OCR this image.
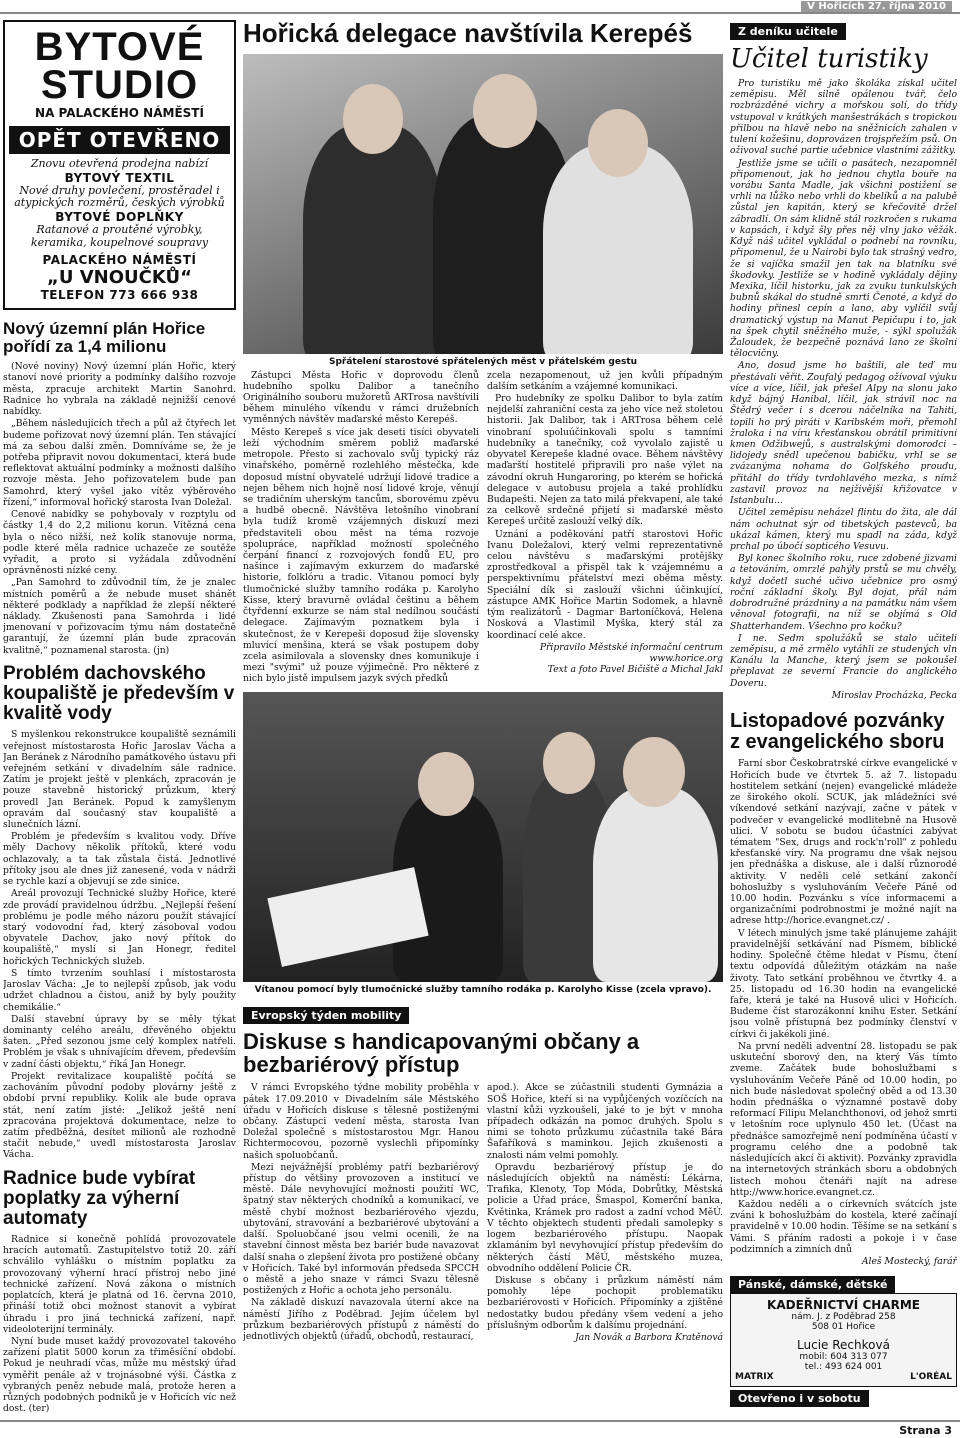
V Hořicích 27. října 2010
BYTOVÉ
STUDIO
NA PALACKÉHO NÁMĚSTÍ
OPĚT OTEVŘENO
Znovu otevřená prodejna nabízí
BYTOVÝ TEXTIL
Nové druhy povlečení, prostěradel i atypických rozměrů, českých výrobků
BYTOVÉ DOPLŇKY
Ratanové a proutěné výrobky, keramika, koupelnové soupravy
PALACKÉHO NÁMĚSTÍ
„U VNOUČKŮ“
TELEFON 773 666 938
Nový územní plán Hořice pořídí za 1,4 milionu

(Nové noviny) Nový územní plán Hořic, který stanoví nové priority a podmínky dalšího rozvoje města, zpracuje architekt Martin Sanohrd. Radnice ho vybrala na základě nejnižší cenové nabídky.

„Během následujících třech a půl až čtyřech let budeme pořizovat nový územní plán. Ten stávající má za sebou další změn. Domníváme se, že je potřeba připravit novou dokumentaci, která bude reflektovat aktuální podmínky a možnosti dalšího rozvoje města. Jeho pořizovatelem bude pan Samohrd, který vyšel jako vítěz výběrového řízení,“ informoval hořický starosta Ivan Doležal.

Cenové nabídky se pohybovaly v rozptylu od částky 1,4 do 2,2 milionu korun. Vítězná cena byla o něco nižší, než kolik stanovuje norma, podle které měla radnice uchazeče ze soutěže vyřadit, a proto si vyžádala zdůvodnění oprávněnosti nízké ceny.

„Pan Samohrd to zdůvodnil tím, že je znalec místních poměrů a že nebude muset shánět některé podklady a například že zlepší některé náklady. Zkušenosti pana Samohrda i lidé jmenovaní v pořizovacím týmu nám dostatečně garantují, že územní plán bude zpracován kvalitně,“ poznamenal starosta. (jn)

Problém dachovského koupaliště je především v kvalitě vody

S myšlenkou rekonstrukce koupaliště seznámili veřejnost místostarosta Hořic Jaroslav Vácha a Jan Beránek z Národního památkového ústavu při veřejném setkání v divadelním sále radnice. Zatím je projekt ještě v plenkách, zpracován je pouze stavebně historický průzkum, který provedl Jan Beránek. Popud k zamyšlenym opravám dal současný stav koupaliště a slunečních lázní.

Problém je především s kvalitou vody. Dříve měly Dachovy několik přítoků, které vodu ochlazovaly, a ta tak zůstala čistá. Jednotlivé přítoky jsou ale dnes již zanesené, voda v nádrži se rychle kazí a objevují se zde sinice.

Areál provozují Technické služby Hořice, které zde provádí pravidelnou údržbu. „Nejlepší řešení problému je podle mého názoru použít stávající starý vodovodní řad, který zásoboval vodou obyvatele Dachov, jako nový přítok do koupaliště,“ myslí si Jan Honegr, ředitel hořických Technických služeb.

S tímto tvrzením souhlasí i místostarosta Jaroslav Vácha: „Je to nejlepší způsob, jak vodu udržet chladnou a čistou, aniž by byly použity chemikálie.“

Další stavební úpravy by se měly týkat dominanty celého areálu, dřevěného objektu šaten. „Před sezonou jsme celý komplex natřeli. Problém je však s uhnívajícím dřevem, především v zadní části objektu,“ říká Jan Honegr.

Projekt revitalizace koupaliště počítá se zachováním původní podoby plovárny ještě z období první republiky. Kolik ale bude oprava stát, není zatím jisté: „Jelikož ještě není zpracována projektová dokumentace, nelze to zatím předběžná, desítet milionů ale rozhodně stačit nebude,“ uvedl místostarosta Jaroslav Vácha.

Radnice bude vybírat poplatky za výherní automaty

Radnice si konečně pohlídá provozovatele hracích automatů. Zastupitelstvo totiž 20. září schválilo vyhlášku o místním poplatku za provozovaný výherní hrací přístroj nebo jiné technické zařízení. Nová zákona o místních poplatcích, která je platná od 16. června 2010, přináší totiž obci možnost stanovit a vybírat úhradu i pro jiná technická zařízení, např. videoloterijní terminály.

Nyní bude muset každý provozovatel takového zařízení platit 5000 korun za třiměsíční období. Pokud je neuhradí včas, může mu městský úřad vyměřit penále až v trojnásobné výši. Částka z vybraných peněz nebude malá, protože heren a různých podobných podniků je v Hořicích víc než dost. (ter)

Hořická delegace navštívila Kerepéš
Spřátelení starostové spřátelených měst v přátelském gestu

Zástupci Města Hořic v doprovodu členů hudebního spolku Dalibor a tanečního Originálního souboru mužoretů ARTrosa navštívili během minulého víkendu v rámci družebních vyměnných návštěv maďarské město Kerepéš.

Město Kerepeš s více jak deseti tisíci obyvateli leží východním směrem pobliž maďarské metropole. Přesto si zachovalo svůj typický ráz vinařského, poměrně rozlehlého městečka, kde doposud místní obyvatelé udržují lidové tradice a nejen během nich hojně nosí lidové kroje, věnují se tradičním uherským tancům, sborovému zpěvu a hudbě obecně. Návštěva letošního vinobraní byla tudíž kromě vzájemných diskuzí mezi představiteli obou měst na téma rozvoje spolupráce, například možností společného čerpání financí z rozvojových fondů EU, pro našince i zajímavým exkurzem do maďarské historie, folklóru a tradic. Vitanou pomocí byly tlumočnické služby tamního rodáka p. Karolyho Kisse, který bravurně ovládal češtinu a během čtyřdenní exkurze se nám stal nedílnou součástí delegace. Zajímavým poznatkem byla i skutečnost, že v Kerepeši doposud žije slovensky mluvící menšina, která se však postupem doby zcela asimilovala a slovensky dnes komunikuje i mezi "svými" už pouze výjimečně. Pro některé z nich bylo jistě impulsem jazyk svých předků

zcela nezapomenout, už jen kvůli případným dalším setkáním a vzájemné komunikaci.

Pro hudebníky ze spolku Dalibor to byla zatím nejdelší zahraniční cesta za jeho více než stoletou historii. Jak Dalibor, tak i ARTrosa během celé vinobraní spoluúčinkovali spolu s tamními hudebníky a tanečníky, což vyvolalo zajistě u obyvatel Kerepeše kladné ovace. Během návštěvy maďarští hostitelé připravili pro naše výlet na závodní okruh Hungaroring, po kterém se hořická delegace v autobusu projela a také prohlídku Budapešti. Nejen za tato milá překvapení, ale také za celkově srdečné přijetí si maďarské město Kerepeš určitě zaslouží velký dík.

Uznání a poděkování patří starostovi Hořic Ivanu Doležalovi, který velmi reprezentativně celou návštěvu s maďarskými protějšky zprostředkoval a přispěl tak k vzájemnému a perspektivnímu přátelství mezi oběma městy. Speciální dík si zaslouží všichni účinkující, zástupce AMK Hořice Martin Sodomek, a hlavně tým realizátorů - Dagmar Bartoníčková, Helena Nosková a Vlastimil Myška, který stál za koordinací celé akce.

Připravilo Městské informační centrum
www.horice.org
Text a foto Pavel Bičiště a Michal Jakl
Vítanou pomocí byly tlumočnické služby tamního rodáka p. Karolyho Kisse (zcela vpravo).
Evropský týden mobility
Diskuse s handicapovanými občany a bezbariérový přístup

V rámci Evropského týdne mobility proběhla v pátek 17.09.2010 v Divadelním sále Městského úřadu v Hořicích diskuse s tělesně postiženými občany. Zástupci vedení města, starosta Ivan Doležal společně s místostarostou Mgr. Hanou Richtermocovou, pozorně vyslechli připomínky našich spoluobčanů.

Mezi nejvážnější problémy patří bezbariérový přístup do většiny provozoven a institucí ve městě. Dále nevyhovující možnosti použití WC, špatný stav některých chodníků a komunikací, ve městě chybí možnost bezbariérového vjezdu, ubytování, stravování a bezbariérové ubytování a další. Spoluobčané jsou velmi ocenili, že na stavební činnost města bez bariér bude navazovat další snaha o zlepšení života pro postižené občany v Hořicích. Také byl informován předseda SPCCH o městě a jeho snaze v rámci Svazu tělesně postižených z Hořic a ochota jeho personálu.

Na základě diskuzí navazovala úterní akce na náměstí Jiřího z Poděbrad. Jejím účelem byl průzkum bezbariérových přístupů z náměstí do jednotlivých objektů (úřadů, obchodů, restaurací,

apod.). Akce se zúčastnili studenti Gymnázia a SOŠ Hořice, kteří si na vypůjčených vozíčcích na vlastní kůži vyzkoušeli, jaké to je být v mnoha případech odkázán na pomoc druhých. Spolu s nimi se tohoto průzkumu zúčastnila také Bára Šafaříková s maminkou. Jejich zkušenosti a znalosti nám velmi pomohly.

Opravdu bezbariérový přístup je do následujících objektů na náměstí: Lékárna, Trafika, Klenoty, Top Móda, Dobrůtky, Městská policie a Úřad práce, Šmaspol, Komerční banka, Květinka, Krámek pro radost a zadní vchod MěÚ. V těchto objektech studenti předali samolepky s logem bezbariérového přístupu. Naopak zklamáním byl nevyhovující přístup především do některých částí MěÚ, městského muzea, obvodního oddělení Policie ČR.

Diskuse s občany i průzkum náměstí nám pomohly lépe pochopit problematiku bezbariérovosti v Hořicích. Připomínky a zjištěné nedostatky budou předány všem vedení a jeho příslušným odborům k dalšímu projednání.

Jan Novák a Barbora Kratěnová
Z deníku učitele
Učitel turistiky

Pro turistiku mě jako školáka získal učitel zeměpisu. Měl silně opálenou tvář, čelo rozbrázděné vichry a mořskou solí, do třídy vstupoval v krátkých manšestrákách s tropickou přilbou na hlavě nebo na sněžnicích zahalen v tulení kožešinu, doprovázen trojspřežím psů. On oživoval suché partie učebnice vlastními zážitky.

Jestliže jsme se učili o pasátech, nezapomněl připomenout, jak ho jednou chytla bouře na vorábu Santa Madle, jak všichni postižení se vrhli na lůžko nebo vrhli do kbelíků a na palubě zůstal jen kapitán, který se křečovitě držel zábradlí. On sám klidně stál rozkročen s rukama v kapsách, i když šly přes něj vlny jako věžák. Když náš učitel vykládal o podnebí na rovníku, připomenul, že u Nairobi bylo tak strašný vedro, že si vajíčka smažil jen tak na blatníku své škodovky. Jestliže se v hodině vykládaly dějiny Mexika, líčil historku, jak za zvuku tunkulských bubnů skákal do studně smrti Čenoté, a když do hodiny přinesl cepín a lano, aby vylíčil svůj dramatický výstup na Manut Pepičupu i to, jak na špek chytil sněžného muže, - sýkl spolužák Žaloudek, že bezpečně poznává lano ze školní tělocvičny.

Ano, dosud jsme ho baštili, ale teď mu přestávali věřit. Zoufalý pedagog ožívoval výuku více a více, líčil, jak přešel Alpy na slonu jako když bájný Hanibal, líčil, jak strávil noc na Štědrý večer i s dcerou náčelníka na Tahiti, topili ho prý piráti v Karibském moři, přemohl žraloka i na víru křesťanskou obrátil primitivní kmen Odžibwejů, s australskými domorodci – lidojedy snědl upečenou babičku, vrhl se se zvázanýma nohama do Golfského proudu, přitáhl do třídy tvrdohlavého mezka, s nímž zastavil provoz na nejživější křižovatce v Istanbulu...

Učitel zeměpisu neházel flintu do žita, ale dál nám ochutnat sýr od tibetských pastevců, ba ukázal kámen, který mu spadl na záda, když prchal po úbočí sopticého Vesuvu.

Byl konec školního roku, ruce zdobené jizvami a tetováním, omrzlé pahýly prstů se mu chvěly, když dočetl suché učivo učebnice pro osmý roční základní školy. Byl dojat, přál nám dobrodružné prázdniny a na památku nám všem věnoval fotografii, na níž se objímá s Old Shatterhandem. Všechno pro kočku?

I ne. Sedm spolužáků se stalo učiteli zeměpisu, a mě zrmělo vytáhli ze studených vln Kanálu la Manche, který jsem se pokoušel přeplavat ze severní Francie do anglického Doveru.

Miroslav Procházka, Pecka
Listopadové pozvánky z evangelického sboru

Farní sbor Českobratrské církve evangelické v Hořicích bude ve čtvrtek 5. až 7. listopadu hostitelem setkání (nejen) evangelické mládeže ze širokého okolí. SCUK, jak mládežníci své víkendové setkání nazývají, začne v pátek v podvečer v evangelické modlitebně na Husově ulici. V sobotu se budou účastníci zabývat tématem "Sex, drugs and rock'n'roll" z pohledu křesťanské víry. Na programu dne však nejsou jen přednáška a diskuse, ale i další různorodé aktivity. V neděli celé setkání zakončí bohoslužby s vysluhováním Večeře Páně od 10.00 hodin. Pozvánku s více informacemi a organizačními podrobnostmi je možné najít na adrese http://horice.evangnet.cz/ .

V létech minulých jsme také plánujeme zahájit pravidelnější setkávání nad Písmem, biblické hodiny. Společně čtěme hledat v Písmu, čtení textu odpovídá důležitým otázkám na naše životy. Tato setkání proběhnou ve čtvrtky 4. a 25. listopadu od 16.30 hodin na evangelické faře, která je také na Husově ulici v Hořicích. Budeme číst starozákonní knihu Ester. Setkání jsou volně přístupná bez podmínky členství v církvi či jakékoli jiné.

Na první neděli adventní 28. listopadu se pak uskuteční sborový den, na který Vás tímto zveme. Začátek bude bohoslužbami s vysluhováním Večeře Páně od 10.00 hodin, po nich bude následovat společný oběd a od 13.30 hodin přednáška o významné postavě doby reformací Filipu Melanchthonovi, od jehož smrti v letošním roce uplynulo 450 let. (Účast na přednášce samozřejmě není podmíněna účastí v programu celého dne a podobně tak následujících akcí či aktivit). Pozvánky zpravidla na internetových stránkách sboru a obdobných listech mohou čtenáři najít na adrese http://www.horice.evangnet.cz.

Každou neděli a o církevních svátcích jste zváni k bohoslužbám do kostela, které začínají pravidelně v 10.00 hodin. Těšíme se na setkání s Vámi. S přáním radosti a pokoje i v čase podzimních a zimních dnů

Aleš Mostecký, farář
Pánské, dámské, dětské
KADEŘNICTVÍ CHARME
nám. J. z Poděbrad 258
508 01 Hořice
Lucie Rechková
mobil: 604 313 077
tel.: 493 624 001
MATRIX	L'ORÉAL
Otevřeno i v sobotu
Strana 3
